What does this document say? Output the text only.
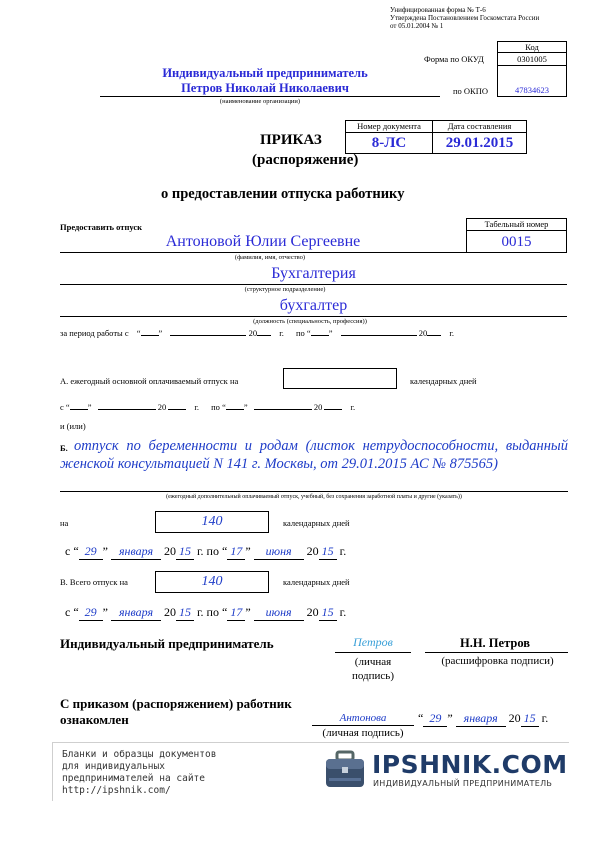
Унифицированная форма № Т-6
Утверждена Постановлением Госкомстата России
от 05.01.2004 № 1
Код
0301005
47834623
Форма по ОКУД
по ОКПО
Индивидуальный предприниматель
Петров Николай Николаевич
(наименование организации)
ПРИКАЗ
(распоряжение)
Номер документа	Дата составления
8-ЛС	29.01.2015
о предоставлении отпуска работнику
Предоставить отпуск	Табельный номер
0015
Антоновой Юлии Сергеевне
(фамилия, имя, отчество)
Бухгалтерия
(структурное подразделение)
бухгалтер
(должность (специальность, профессия))
за период работы с “ ”	20	г. по “ ”	20	г.
А. ежегодный основной оплачиваемый отпуск на	календарных дней
с “ ”	20	г. по “ ”	20	г.
и (или)
Б. отпуск по беременности и родам (листок нетрудоспособности, выданный женской консультацией N 141 г. Москвы, от 29.01.2015 АС № 875565)
(ежегодный дополнительный оплачиваемый отпуск, учебный, без сохранения заработной платы и другие (указать))
на	140	календарных дней
с “ 29 ” января 20 15 г. по “ 17 ” июня 20 15 г.
В. Всего отпуск на	140	календарных дней
с “ 29 ” января 20 15 г. по “ 17 ” июня 20 15 г.
Индивидуальный предприниматель	Петров
(личная подпись)
Н.Н. Петров
(расшифровка подписи)
С приказом (распоряжением) работник ознакомлен	Антонова
(личная подпись)
“ 29 ” января 20 15 г.
Бланки и образцы документов
для индивидуальных
предпринимателей на сайте
http://ipshnik.com/
IPSHNIK.COM
ИНДИВИДУАЛЬНЫЙ ПРЕДПРИНИМАТЕЛЬ
